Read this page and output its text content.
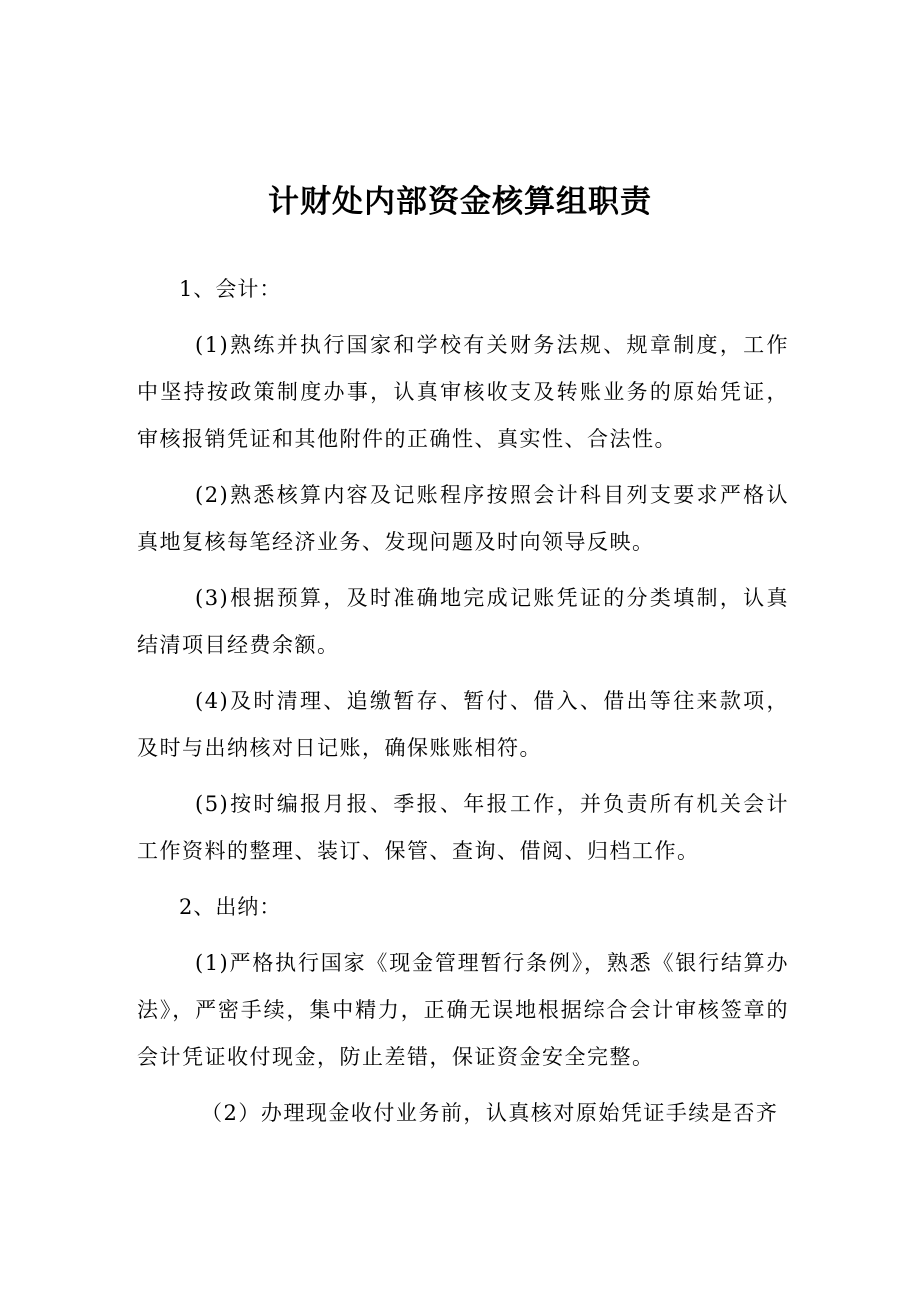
计财处内部资金核算组职责

1、会计：

(1)熟练并执行国家和学校有关财务法规、规章制度，工作中坚持按政策制度办事，认真审核收支及转账业务的原始凭证，审核报销凭证和其他附件的正确性、真实性、合法性。

(2)熟悉核算内容及记账程序按照会计科目列支要求严格认真地复核每笔经济业务、发现问题及时向领导反映。

(3)根据预算，及时准确地完成记账凭证的分类填制，认真结清项目经费余额。

(4)及时清理、追缴暂存、暂付、借入、借出等往来款项，及时与出纳核对日记账，确保账账相符。

(5)按时编报月报、季报、年报工作，并负责所有机关会计工作资料的整理、装订、保管、查询、借阅、归档工作。

2、出纳：

(1)严格执行国家《现金管理暂行条例》，熟悉《银行结算办法》，严密手续，集中精力，正确无误地根据综合会计审核签章的会计凭证收付现金，防止差错，保证资金安全完整。

（2）办理现金收付业务前，认真核对原始凭证手续是否齐
